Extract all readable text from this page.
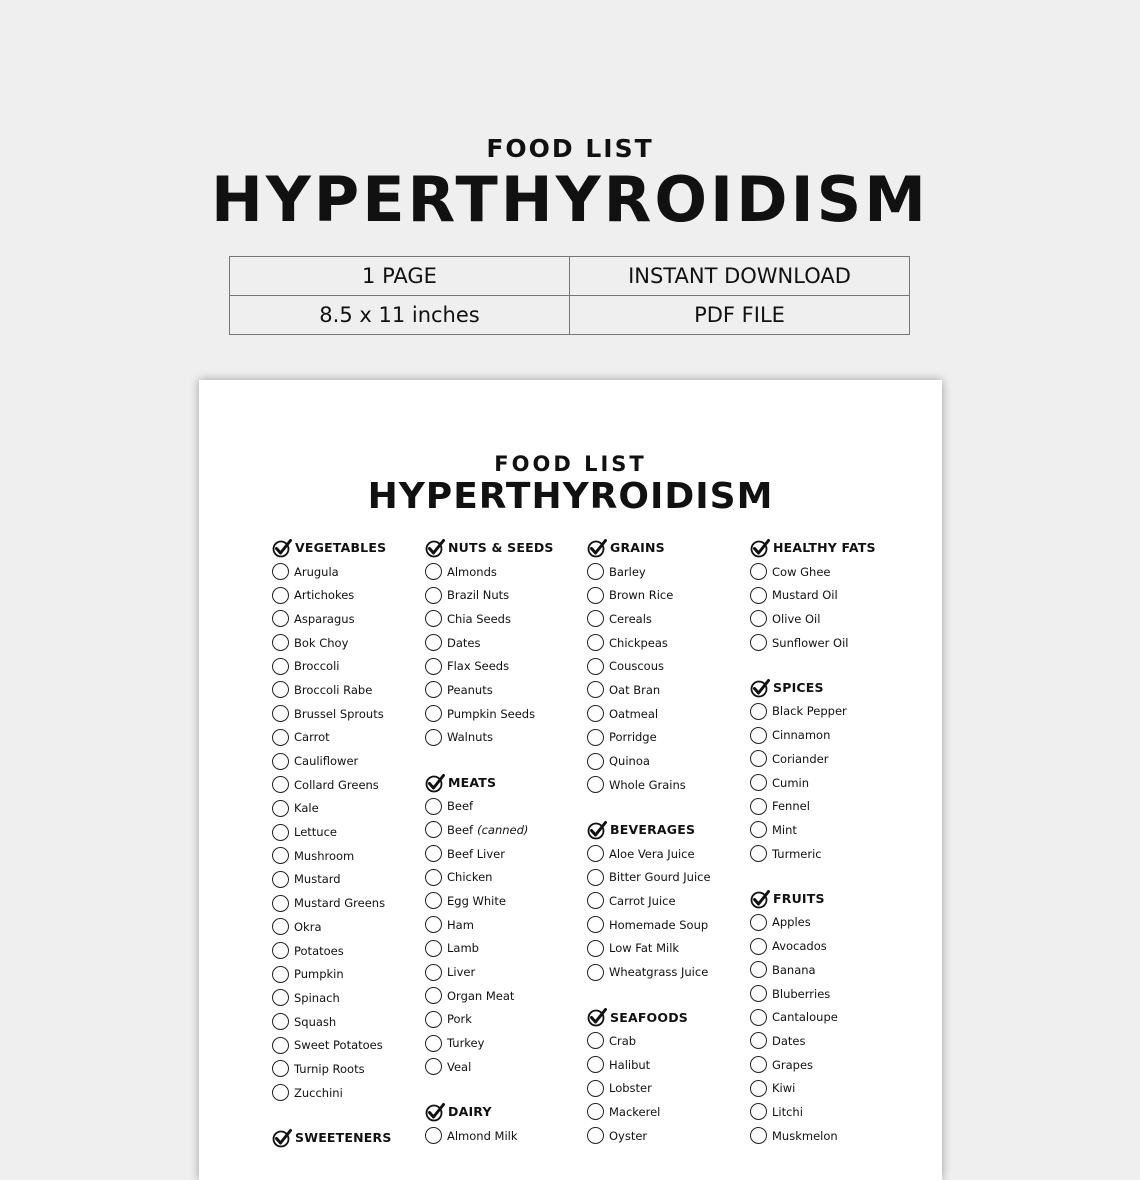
FOOD LIST
HYPERTHYROIDISM
1 PAGE	INSTANT DOWNLOAD
8.5 x 11 inches	PDF FILE
FOOD LIST
HYPERTHYROIDISM
VEGETABLES
Arugula
Artichokes
Asparagus
Bok Choy
Broccoli
Broccoli Rabe
Brussel Sprouts
Carrot
Cauliflower
Collard Greens
Kale
Lettuce
Mushroom
Mustard
Mustard Greens
Okra
Potatoes
Pumpkin
Spinach
Squash
Sweet Potatoes
Turnip Roots
Zucchini
SWEETENERS
NUTS & SEEDS
Almonds
Brazil Nuts
Chia Seeds
Dates
Flax Seeds
Peanuts
Pumpkin Seeds
Walnuts
MEATS
Beef
Beef (canned)
Beef Liver
Chicken
Egg White
Ham
Lamb
Liver
Organ Meat
Pork
Turkey
Veal
DAIRY
Almond Milk
GRAINS
Barley
Brown Rice
Cereals
Chickpeas
Couscous
Oat Bran
Oatmeal
Porridge
Quinoa
Whole Grains
BEVERAGES
Aloe Vera Juice
Bitter Gourd Juice
Carrot Juice
Homemade Soup
Low Fat Milk
Wheatgrass Juice
SEAFOODS
Crab
Halibut
Lobster
Mackerel
Oyster
HEALTHY FATS
Cow Ghee
Mustard Oil
Olive Oil
Sunflower Oil
SPICES
Black Pepper
Cinnamon
Coriander
Cumin
Fennel
Mint
Turmeric
FRUITS
Apples
Avocados
Banana
Bluberries
Cantaloupe
Dates
Grapes
Kiwi
Litchi
Muskmelon
